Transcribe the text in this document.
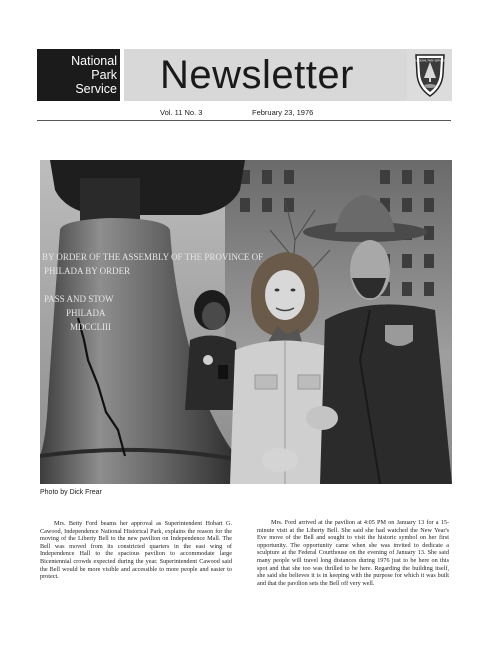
National
Park
Service Newsletter	NATIONAL PARK SERVICE
Vol. 11 No. 3	February 23, 1976
BY ORDER OF THE ASSEMBLY OF THE PROVINCE OF
PHILADA BY ORDER
PASS AND STOW
PHILADA
MDCCLIII
Photo by Dick Frear
Mrs. Betty Ford beams her approval as Superintendent Hobart G. Cawood, Independence National Historical Park, explains the reason for the moving of the Liberty Bell to the new pavilion on Independence Mall. The Bell was moved from its constricted quarters in the east wing of Independence Hall to the spacious pavilion to accommodate large Bicentennial crowds expected during the year. Superintendent Cawood said the Bell would be more visible and accessible to more people and easier to protect.
Mrs. Ford arrived at the pavilion at 4:05 PM on January 13 for a 15-minute visit at the Liberty Bell. She said she had watched the New Year's Eve move of the Bell and sought to visit the historic symbol on her first opportunity. The opportunity came when she was invited to dedicate a sculpture at the Federal Courthouse on the evening of January 13. She said many people will travel long distances during 1976 just to be here on this spot and that she too was thrilled to be here. Regarding the building itself, she said she believes it is in keeping with the purpose for which it was built and that the pavilion sets the Bell off very well.
